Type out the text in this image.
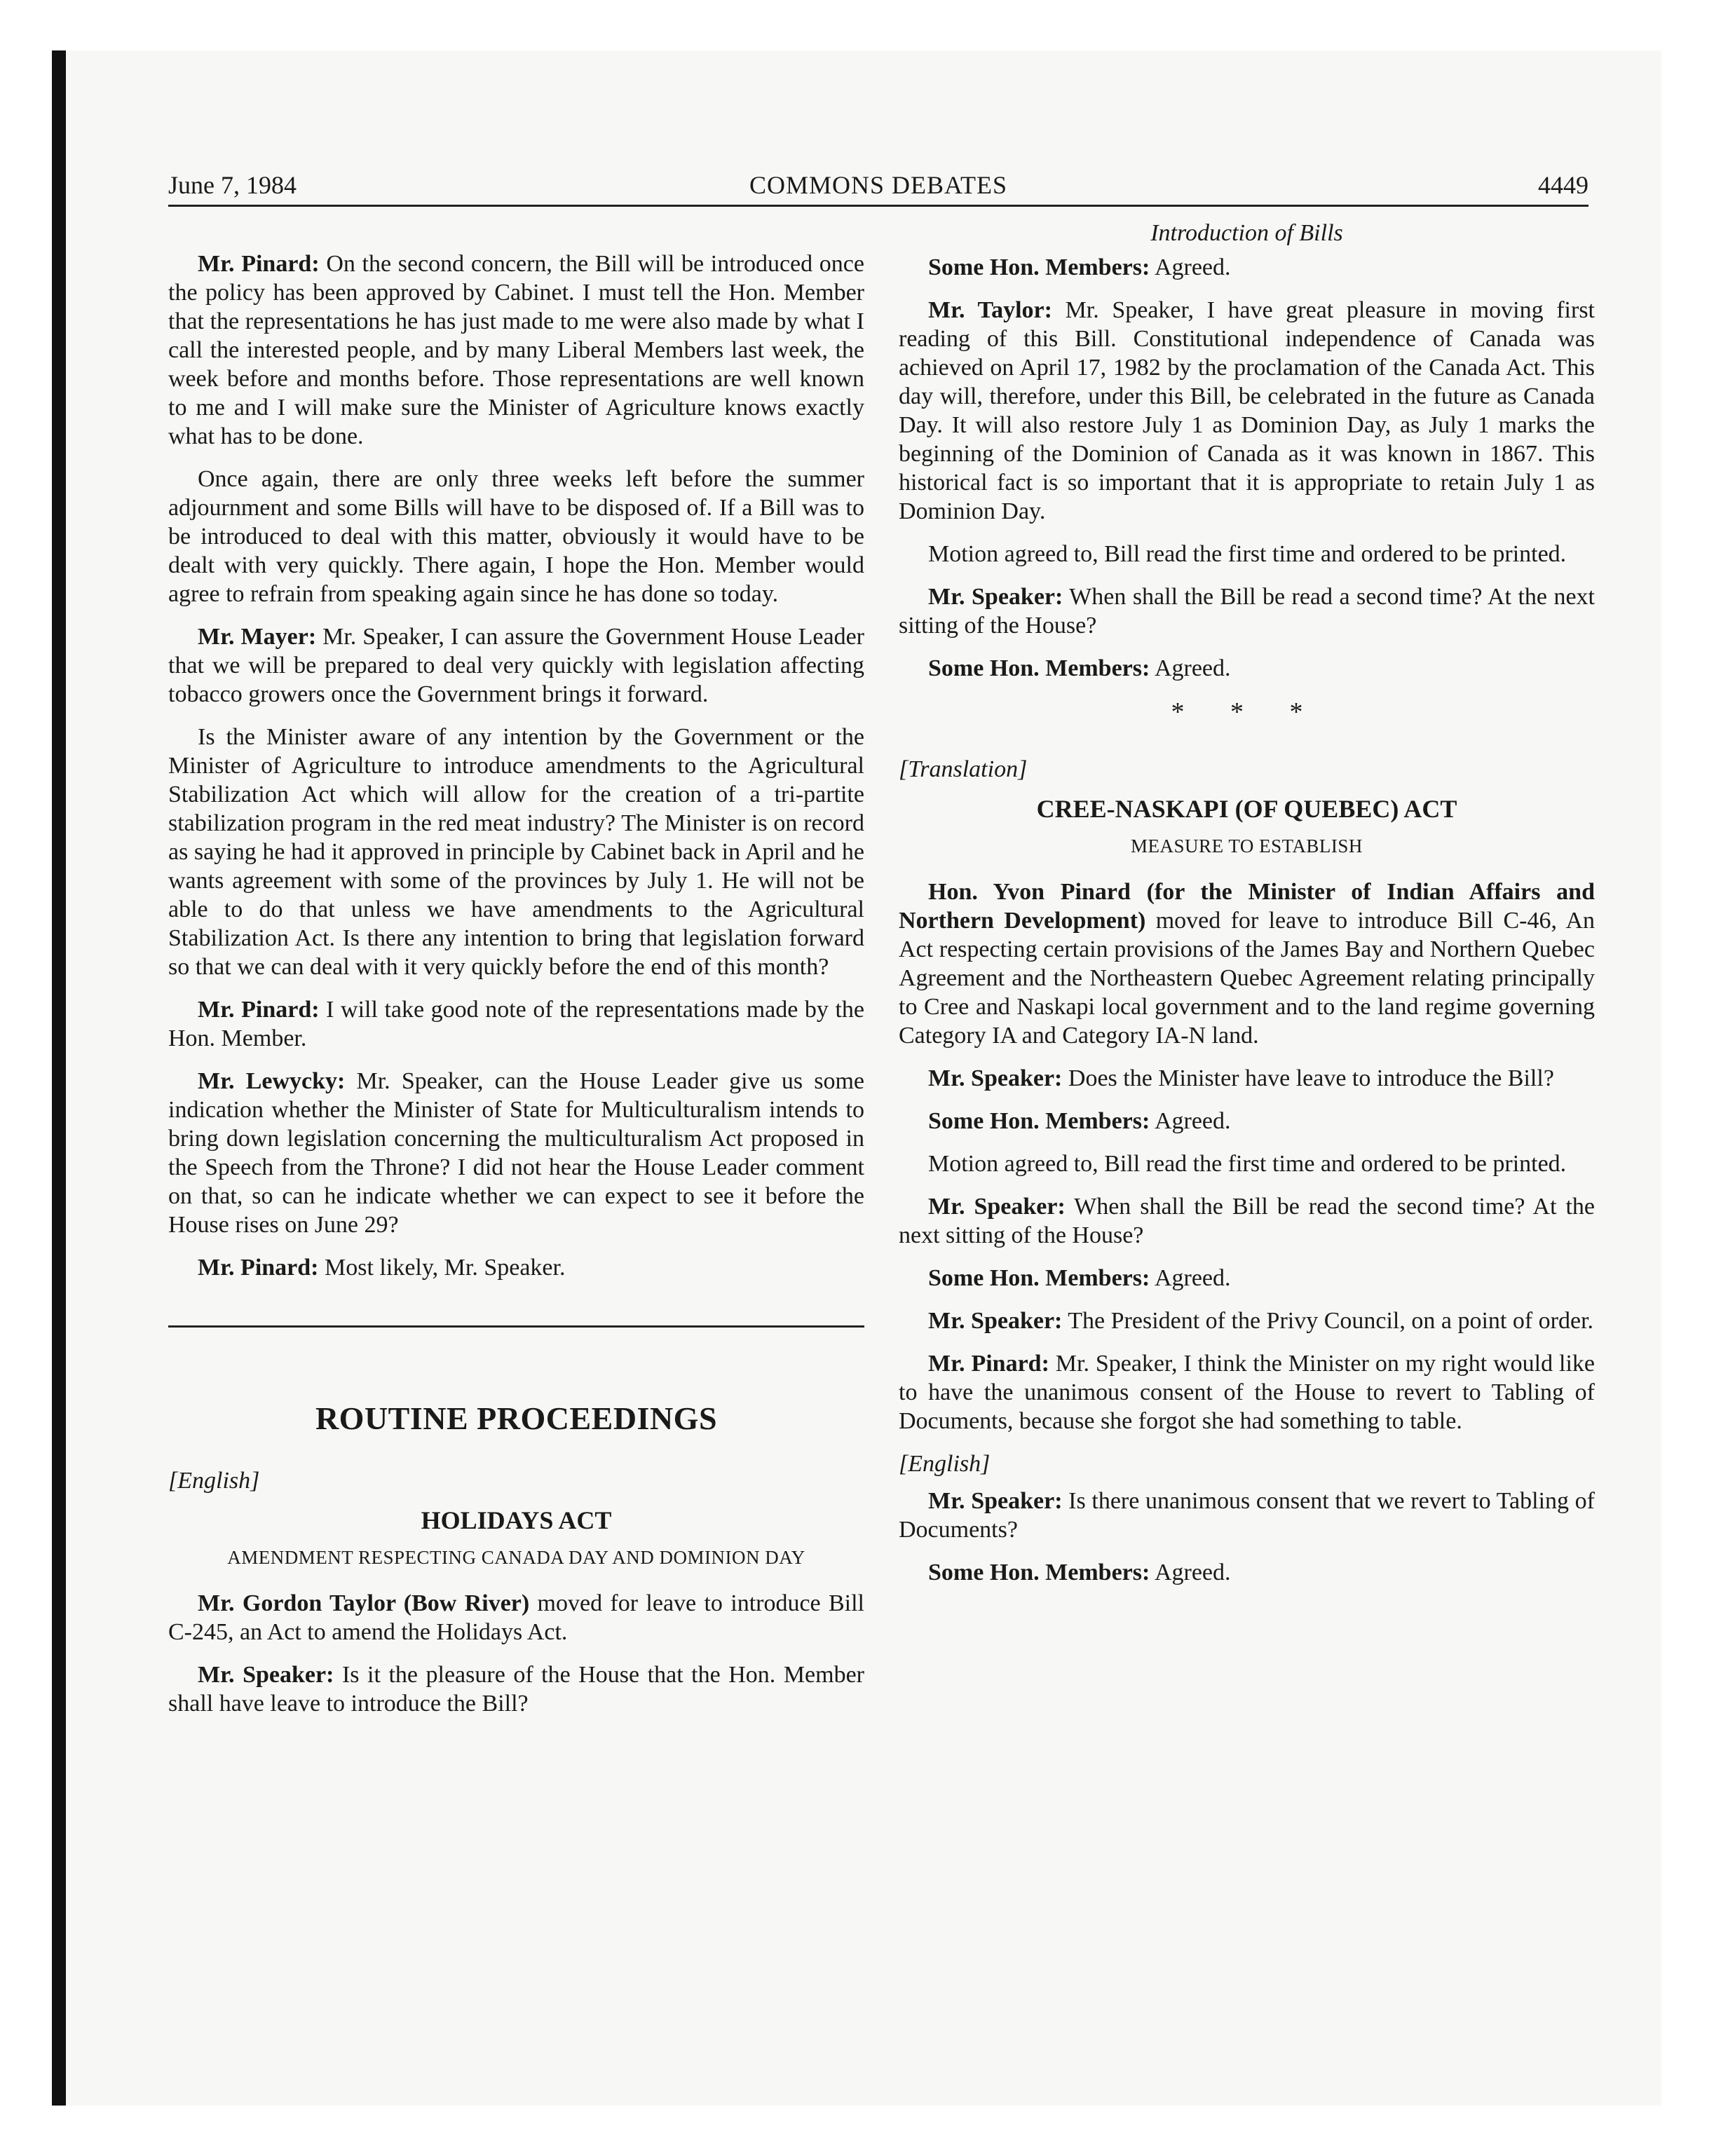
June 7, 1984	COMMONS DEBATES	4449

Mr. Pinard: On the second concern, the Bill will be introduced once the policy has been approved by Cabinet. I must tell the Hon. Member that the representations he has just made to me were also made by what I call the interested people, and by many Liberal Members last week, the week before and months before. Those representations are well known to me and I will make sure the Minister of Agriculture knows exactly what has to be done.

Once again, there are only three weeks left before the summer adjournment and some Bills will have to be disposed of. If a Bill was to be introduced to deal with this matter, obviously it would have to be dealt with very quickly. There again, I hope the Hon. Member would agree to refrain from speaking again since he has done so today.

Mr. Mayer: Mr. Speaker, I can assure the Government House Leader that we will be prepared to deal very quickly with legislation affecting tobacco growers once the Government brings it forward.

Is the Minister aware of any intention by the Government or the Minister of Agriculture to introduce amendments to the Agricultural Stabilization Act which will allow for the creation of a tri-partite stabilization program in the red meat industry? The Minister is on record as saying he had it approved in principle by Cabinet back in April and he wants agreement with some of the provinces by July 1. He will not be able to do that unless we have amendments to the Agricultural Stabilization Act. Is there any intention to bring that legislation forward so that we can deal with it very quickly before the end of this month?

Mr. Pinard: I will take good note of the representations made by the Hon. Member.

Mr. Lewycky: Mr. Speaker, can the House Leader give us some indication whether the Minister of State for Multiculturalism intends to bring down legislation concerning the multiculturalism Act proposed in the Speech from the Throne? I did not hear the House Leader comment on that, so can he indicate whether we can expect to see it before the House rises on June 29?

Mr. Pinard: Most likely, Mr. Speaker.

ROUTINE PROCEEDINGS
[English]
HOLIDAYS ACT
AMENDMENT RESPECTING CANADA DAY AND DOMINION DAY

Mr. Gordon Taylor (Bow River) moved for leave to introduce Bill C-245, an Act to amend the Holidays Act.

Mr. Speaker: Is it the pleasure of the House that the Hon. Member shall have leave to introduce the Bill?

Introduction of Bills

Some Hon. Members: Agreed.

Mr. Taylor: Mr. Speaker, I have great pleasure in moving first reading of this Bill. Constitutional independence of Canada was achieved on April 17, 1982 by the proclamation of the Canada Act. This day will, therefore, under this Bill, be celebrated in the future as Canada Day. It will also restore July 1 as Dominion Day, as July 1 marks the beginning of the Dominion of Canada as it was known in 1867. This historical fact is so important that it is appropriate to retain July 1 as Dominion Day.

Motion agreed to, Bill read the first time and ordered to be printed.

Mr. Speaker: When shall the Bill be read a second time? At the next sitting of the House?

Some Hon. Members: Agreed.

* * *
[Translation]
CREE-NASKAPI (OF QUEBEC) ACT
MEASURE TO ESTABLISH

Hon. Yvon Pinard (for the Minister of Indian Affairs and Northern Development) moved for leave to introduce Bill C-46, An Act respecting certain provisions of the James Bay and Northern Quebec Agreement and the Northeastern Quebec Agreement relating principally to Cree and Naskapi local government and to the land regime governing Category IA and Category IA-N land.

Mr. Speaker: Does the Minister have leave to introduce the Bill?

Some Hon. Members: Agreed.

Motion agreed to, Bill read the first time and ordered to be printed.

Mr. Speaker: When shall the Bill be read the second time? At the next sitting of the House?

Some Hon. Members: Agreed.

Mr. Speaker: The President of the Privy Council, on a point of order.

Mr. Pinard: Mr. Speaker, I think the Minister on my right would like to have the unanimous consent of the House to revert to Tabling of Documents, because she forgot she had something to table.

[English]

Mr. Speaker: Is there unanimous consent that we revert to Tabling of Documents?

Some Hon. Members: Agreed.
